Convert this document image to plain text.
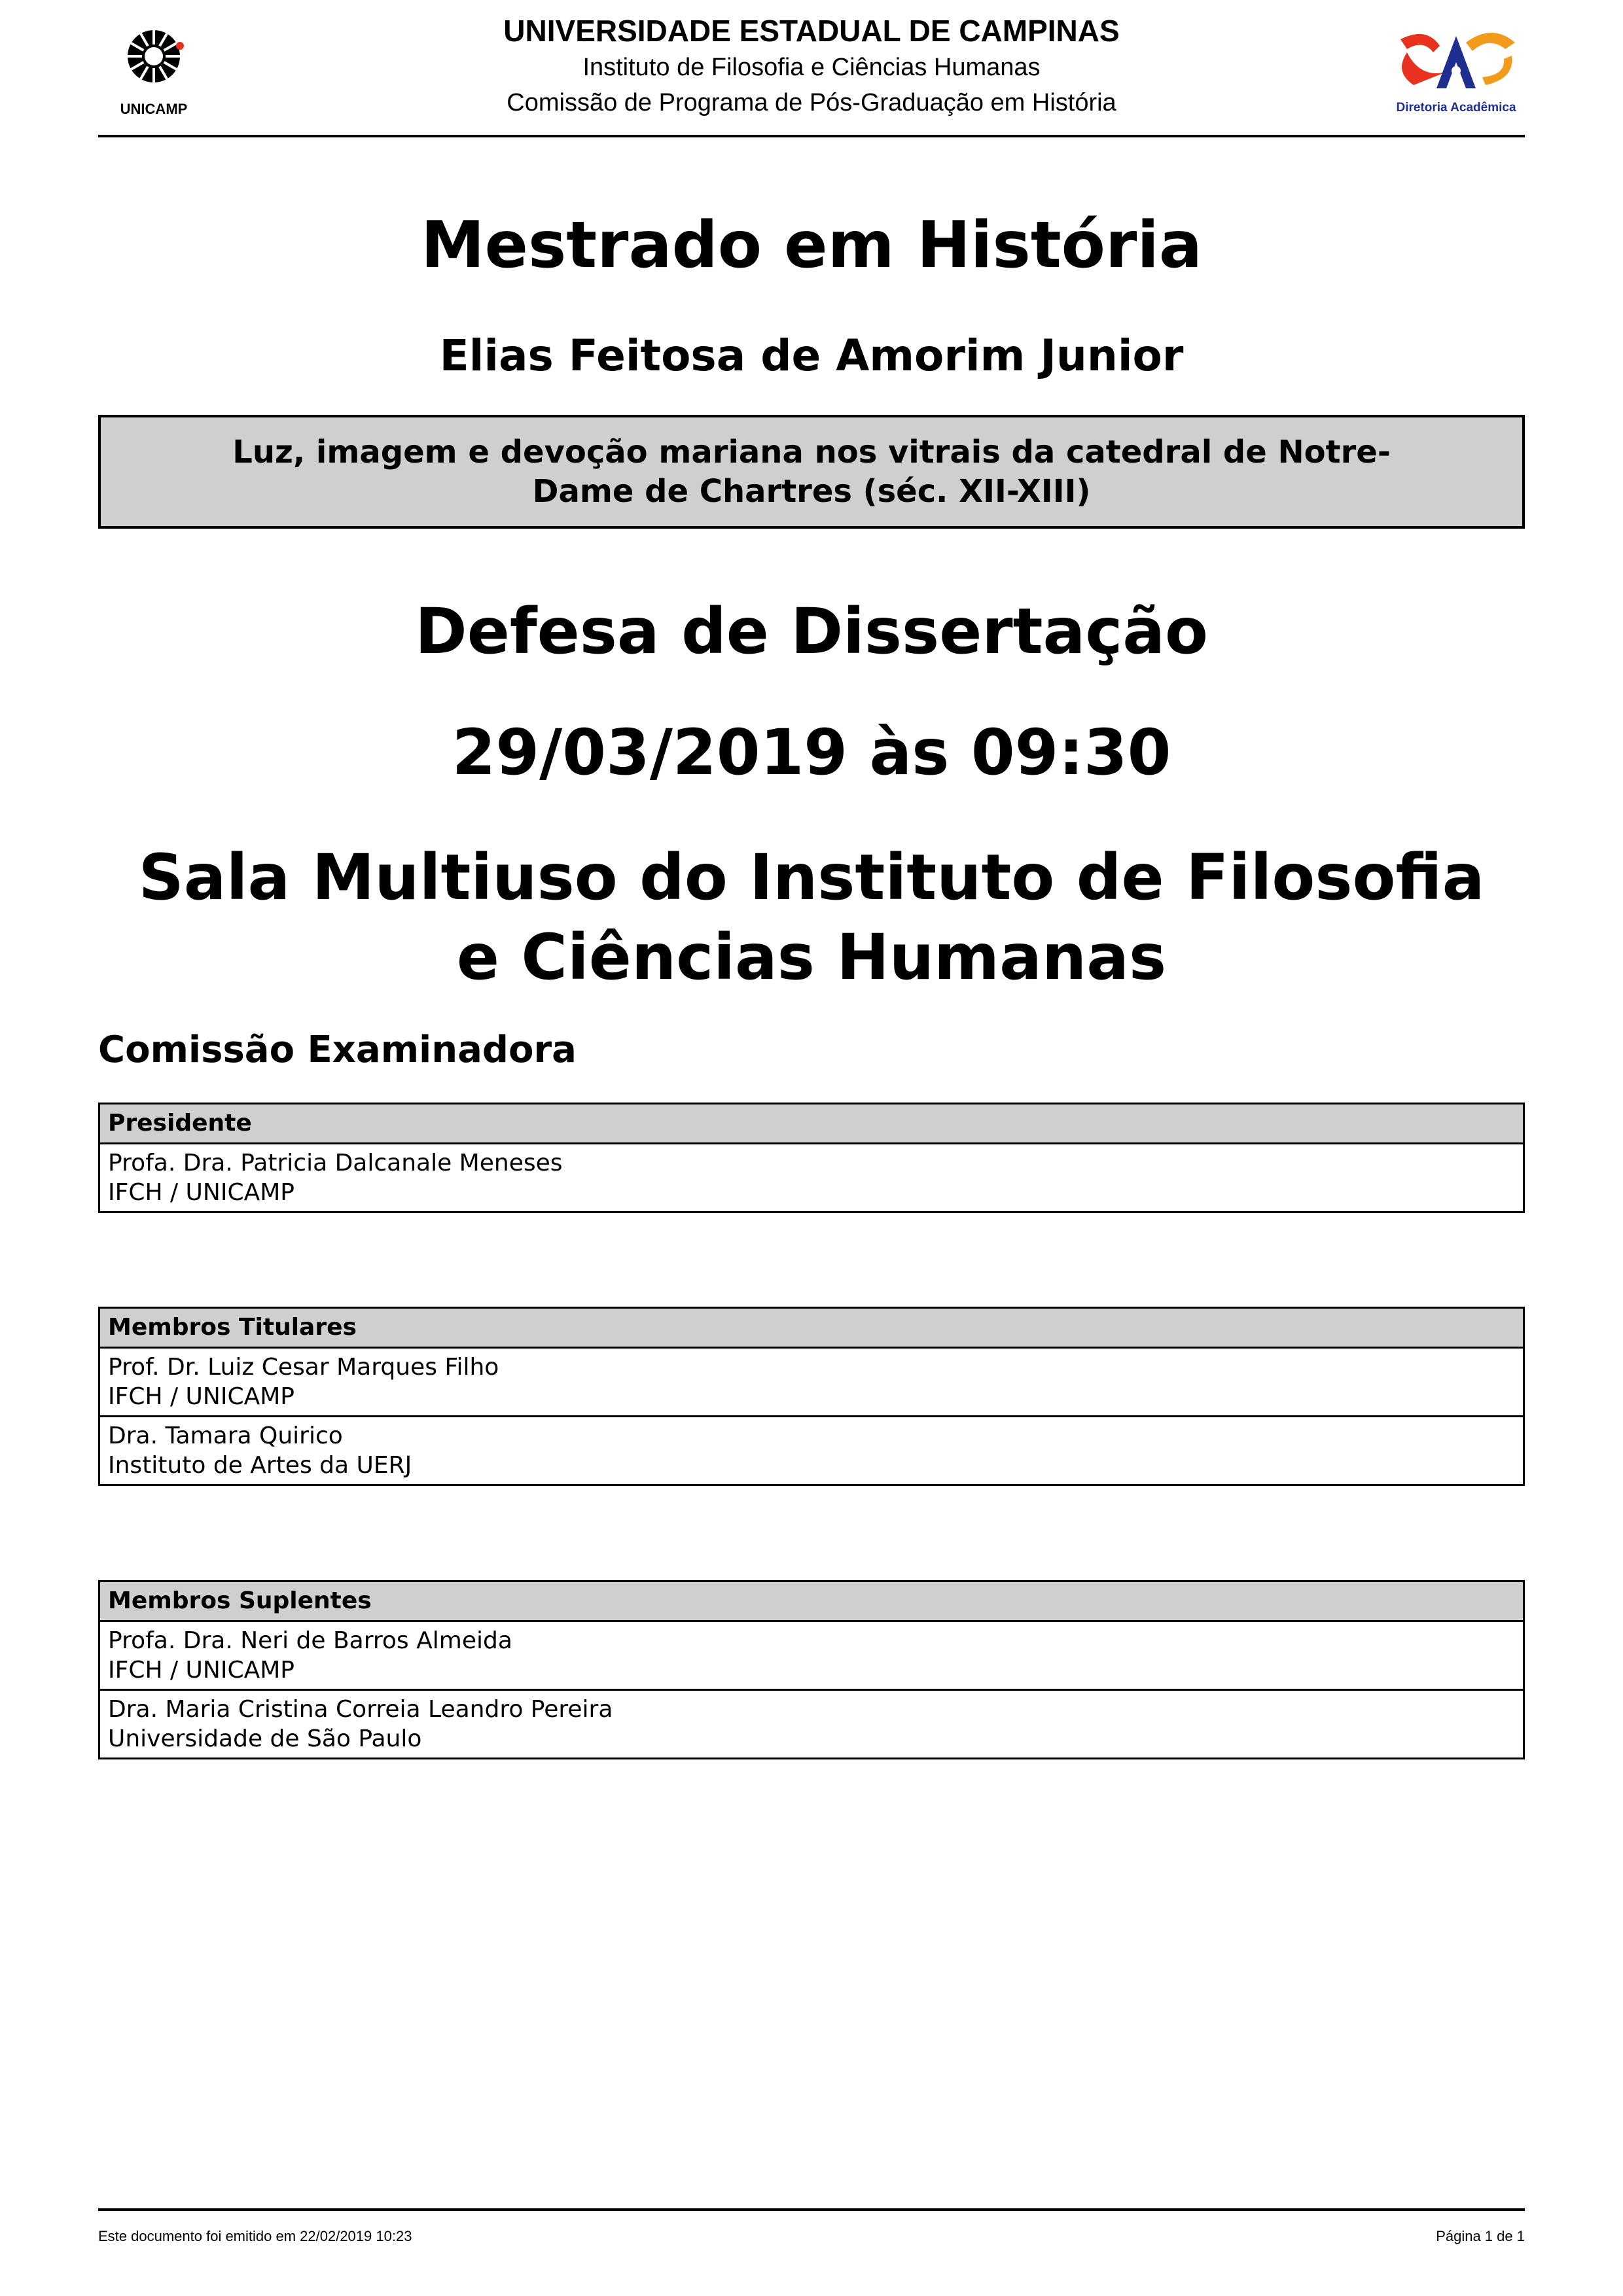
UNICAMP
UNIVERSIDADE ESTADUAL DE CAMPINAS
Instituto de Filosofia e Ciências Humanas
Comissão de Programa de Pós-Graduação em História	Diretoria Acadêmica
Mestrado em História
Elias Feitosa de Amorim Junior
Luz, imagem e devoção mariana nos vitrais da catedral de Notre-Dame de Chartres (séc. XII-XIII)
Defesa de Dissertação
29/03/2019 às 09:30
Sala Multiuso do Instituto de Filosofia e Ciências Humanas
Comissão Examinadora
Presidente
Profa. Dra. Patricia Dalcanale Meneses
IFCH / UNICAMP
Membros Titulares
Prof. Dr. Luiz Cesar Marques Filho
IFCH / UNICAMP
Dra. Tamara Quirico
Instituto de Artes da UERJ
Membros Suplentes
Profa. Dra. Neri de Barros Almeida
IFCH / UNICAMP
Dra. Maria Cristina Correia Leandro Pereira
Universidade de São Paulo
Este documento foi emitido em 22/02/2019 10:23	Página 1 de 1
